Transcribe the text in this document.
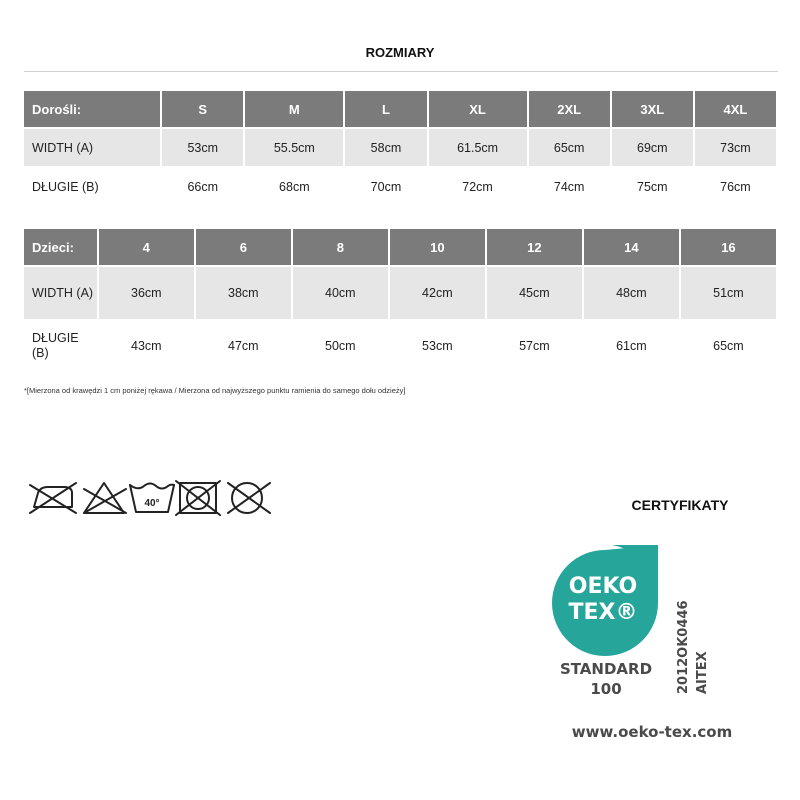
ROZMIARY
Dorośli:	S	M	L	XL	2XL	3XL	4XL
WIDTH (A)	53cm	55.5cm	58cm	61.5cm	65cm	69cm	73cm
DŁUGIE (B)	66cm	68cm	70cm	72cm	74cm	75cm	76cm
Dzieci:	4	6	8	10	12	14	16
WIDTH (A)	36cm	38cm	40cm	42cm	45cm	48cm	51cm
DŁUGIE (B)	43cm	47cm	50cm	53cm	57cm	61cm	65cm
*[Mierzona od krawędzi 1 cm poniżej rękawa / Mierzona od najwyższego punktu ramienia do samego dołu odzieży]
40°	CERTYFIKATY
OEKO
TEX®
STANDARD
100	2012OK0446 AITEX
www.oeko-tex.com
